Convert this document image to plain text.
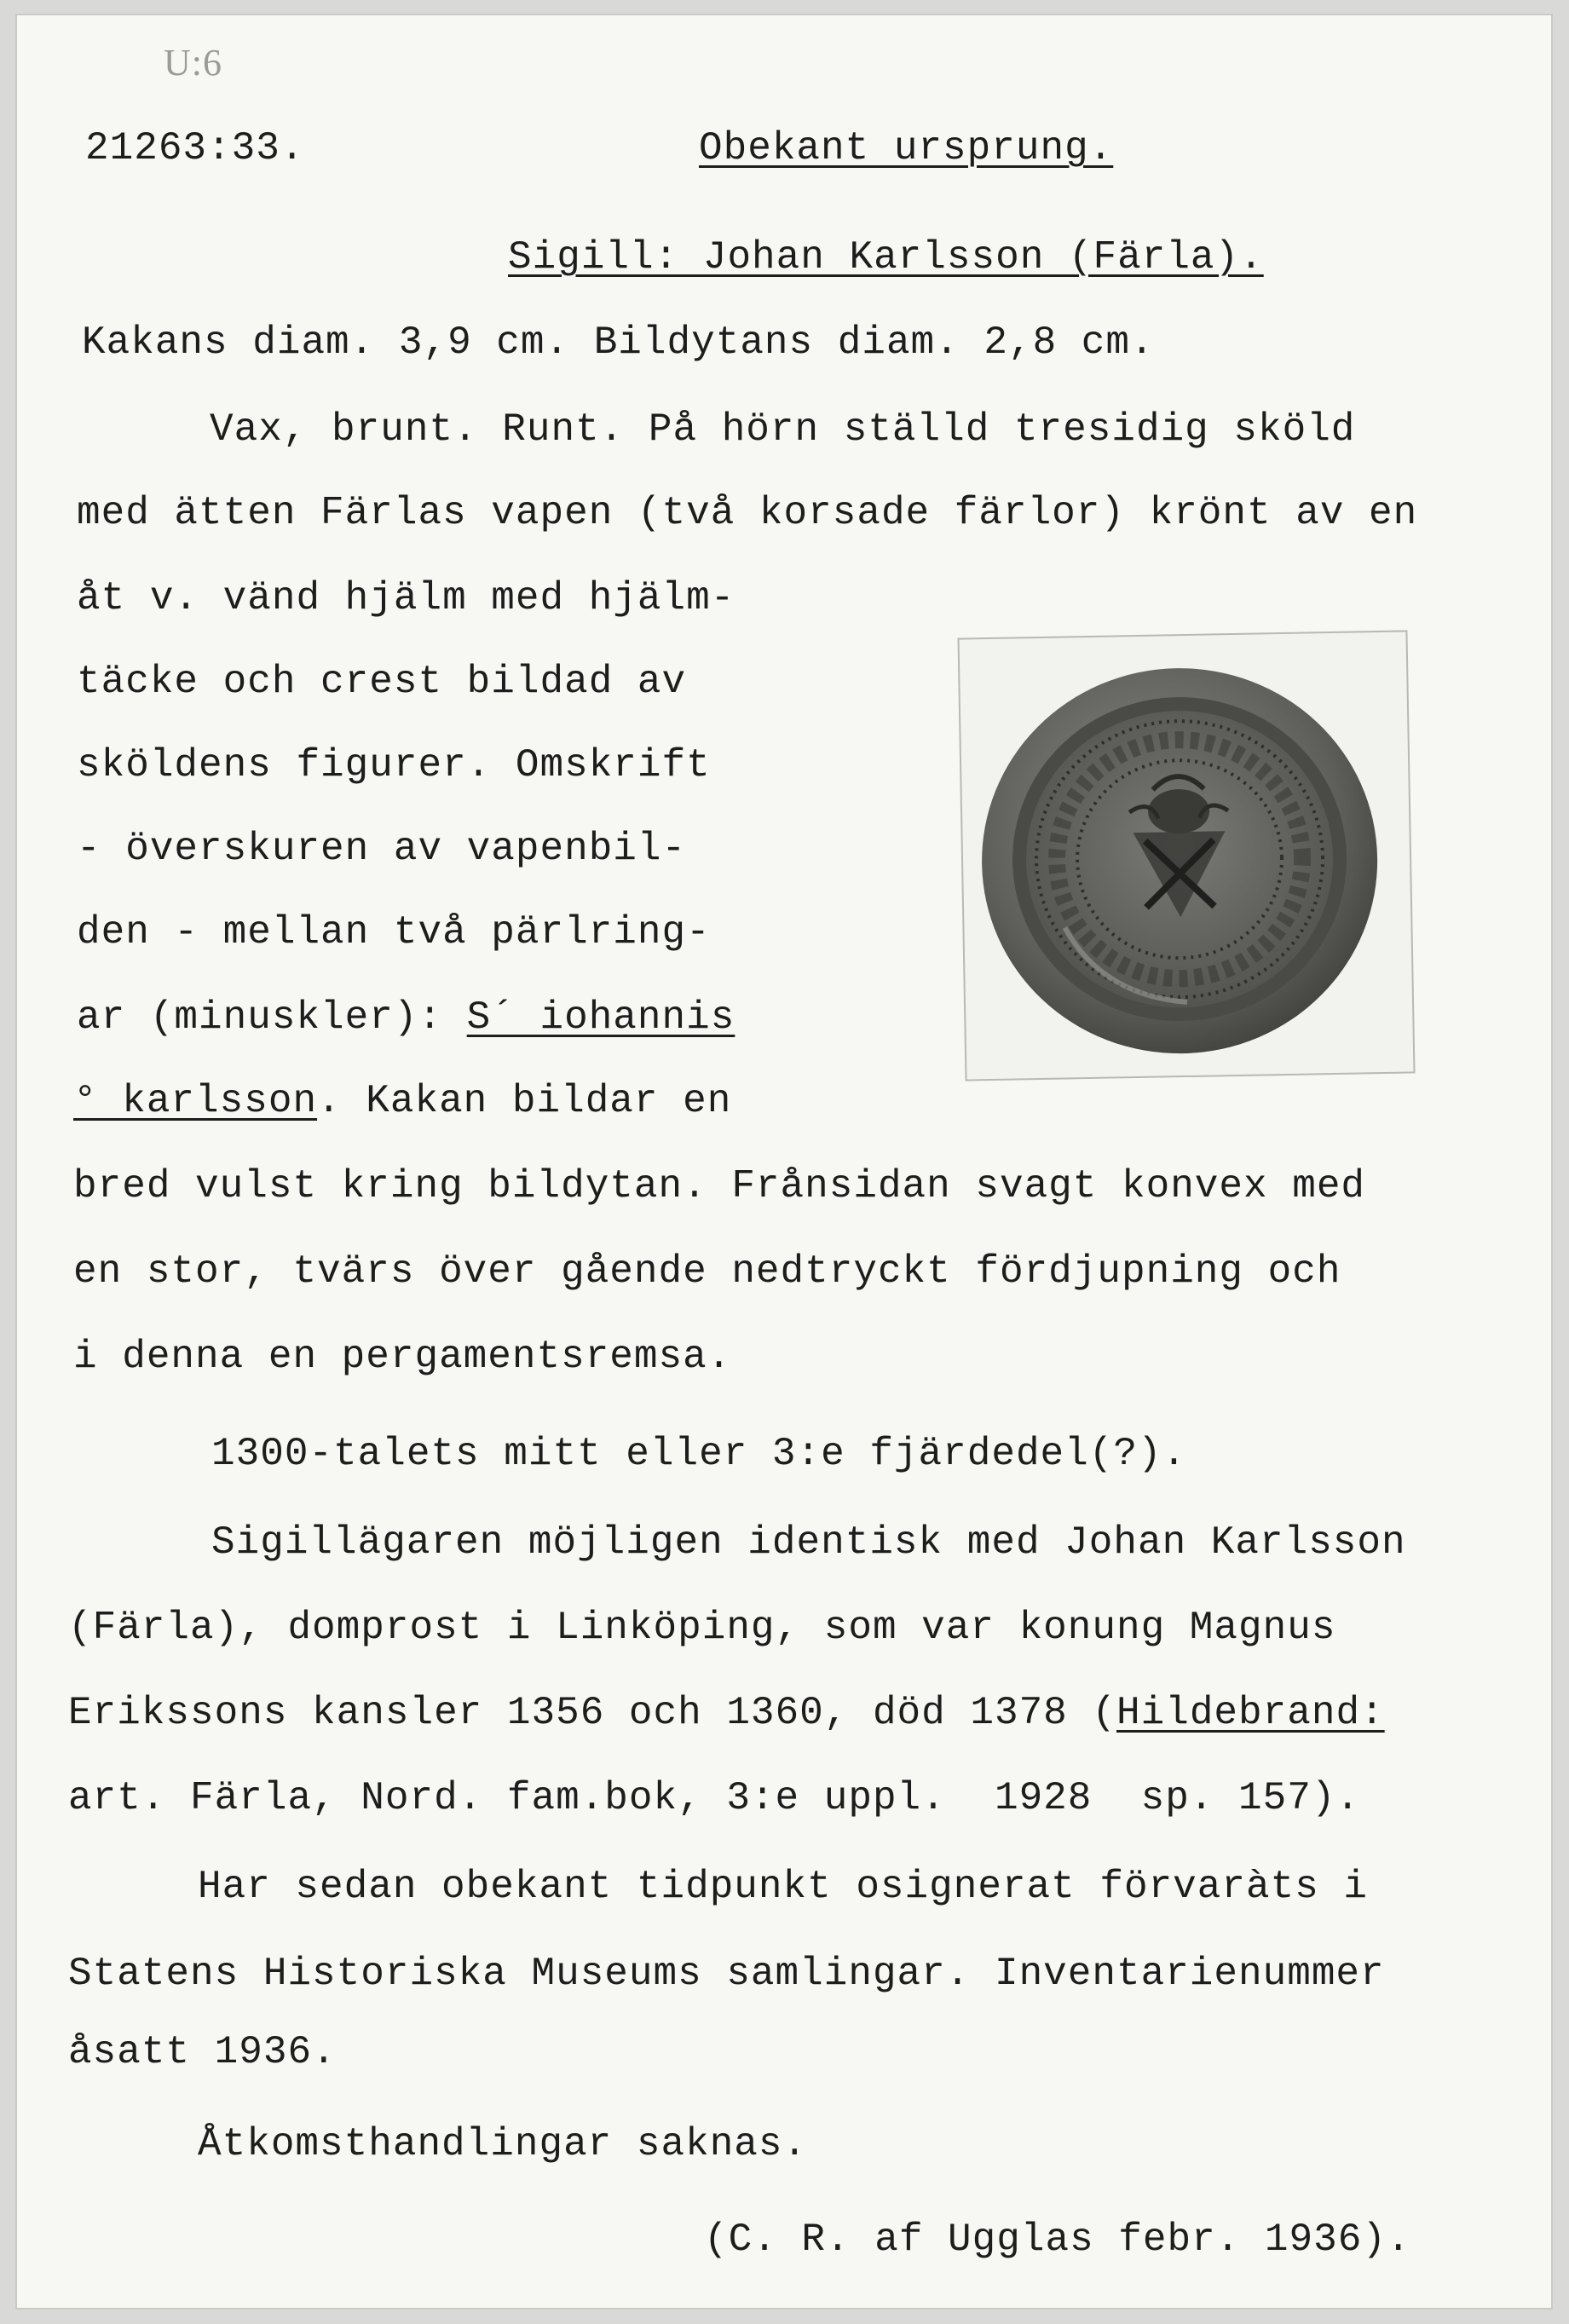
U:6
21263:33.	Obekant ursprung.
Sigill: Johan Karlsson (Färla).
Kakans diam. 3,9 cm. Bildytans diam. 2,8 cm.
Vax, brunt. Runt. På hörn ställd tresidig sköld
med ätten Färlas vapen (två korsade färlor) krönt av en
åt v. vänd hjälm med hjälm-
täcke och crest bildad av
sköldens figurer. Omskrift
- överskuren av vapenbil-
den - mellan två pärlring-
ar (minuskler): S´ iohannis
° karlsson. Kakan bildar en
bred vulst kring bildytan. Frånsidan svagt konvex med
en stor, tvärs över gående nedtryckt fördjupning och
i denna en pergamentsremsa.
1300-talets mitt eller 3:e fjärdedel(?).
Sigillägaren möjligen identisk med Johan Karlsson
(Färla), domprost i Linköping, som var konung Magnus
Erikssons kansler 1356 och 1360, död 1378 (Hildebrand:
art. Färla, Nord. fam.bok, 3:e uppl.  1928  sp. 157).
Har sedan obekant tidpunkt osignerat förvaràts i
Statens Historiska Museums samlingar. Inventarienummer
åsatt 1936.
Åtkomsthandlingar saknas.
(C. R. af Ugglas febr. 1936).
